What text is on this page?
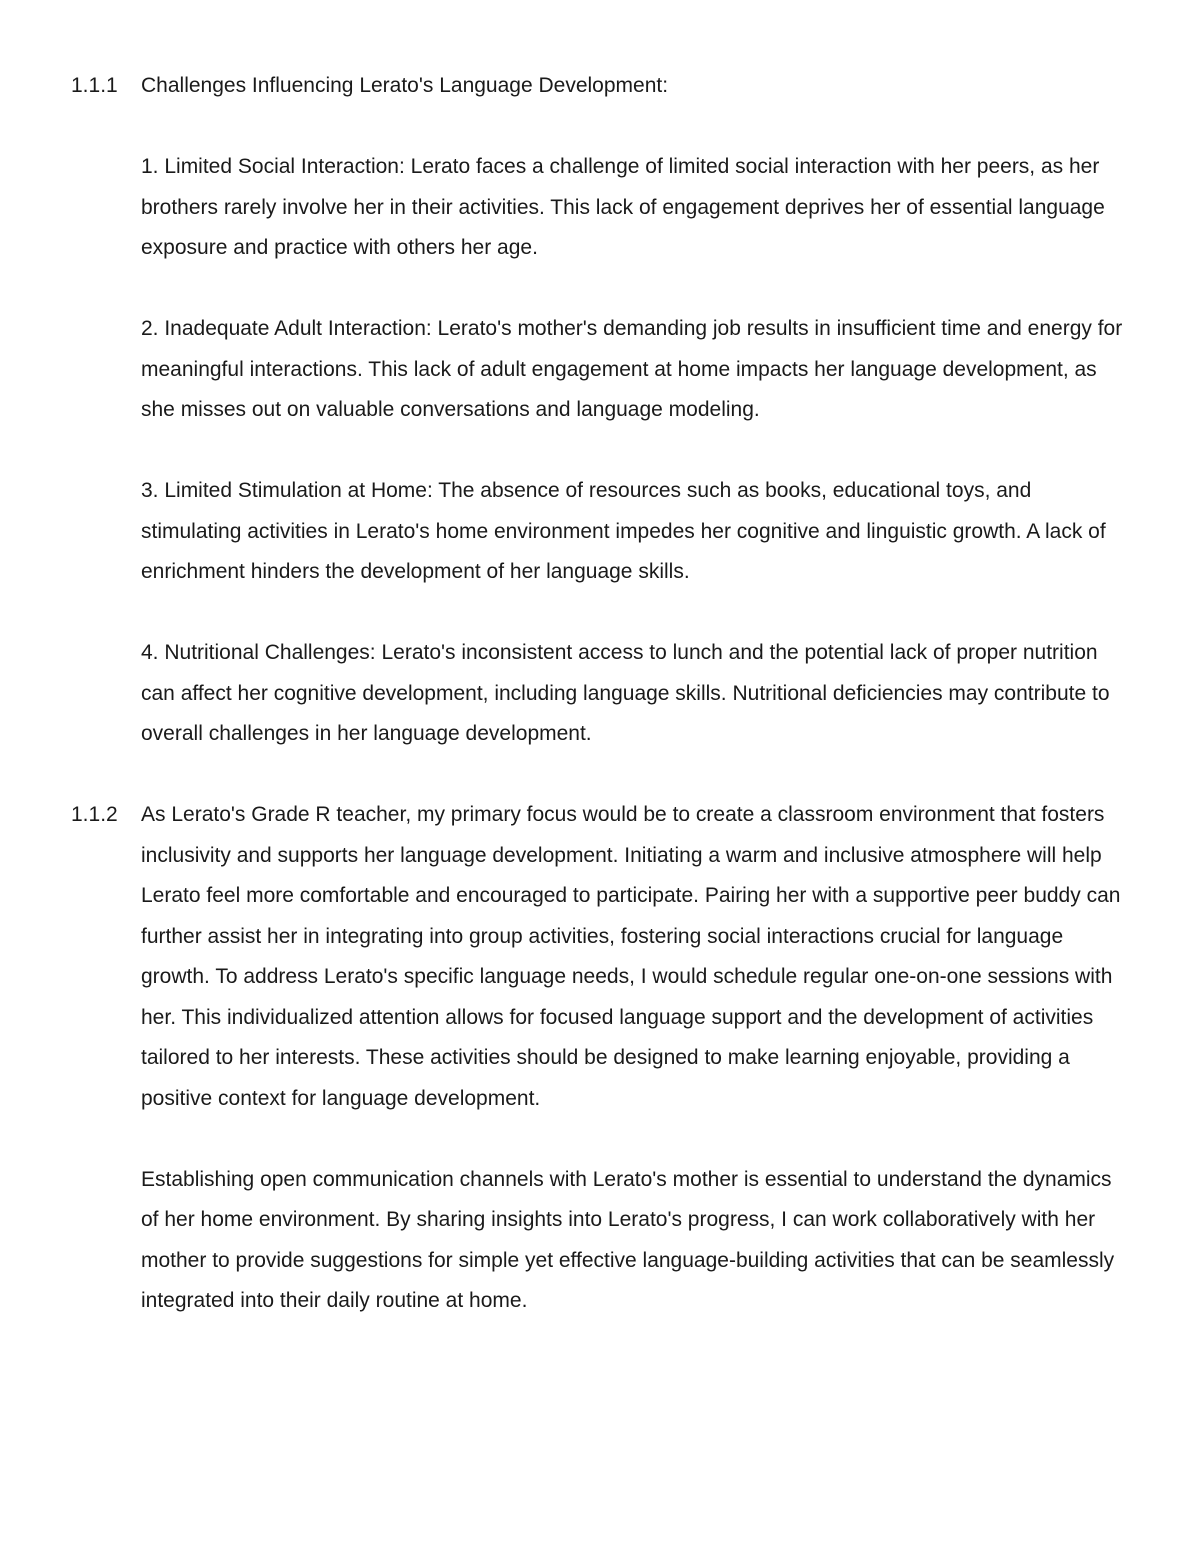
1.1.1 Challenges Influencing Lerato's Language Development:

1. Limited Social Interaction: Lerato faces a challenge of limited social interaction with her peers, as her brothers rarely involve her in their activities. This lack of engagement deprives her of essential language exposure and practice with others her age.

2. Inadequate Adult Interaction: Lerato's mother's demanding job results in insufficient time and energy for meaningful interactions. This lack of adult engagement at home impacts her language development, as she misses out on valuable conversations and language modeling.

3. Limited Stimulation at Home: The absence of resources such as books, educational toys, and stimulating activities in Lerato's home environment impedes her cognitive and linguistic growth. A lack of enrichment hinders the development of her language skills.

4. Nutritional Challenges: Lerato's inconsistent access to lunch and the potential lack of proper nutrition can affect her cognitive development, including language skills. Nutritional deficiencies may contribute to overall challenges in her language development.

1.1.2 As Lerato's Grade R teacher, my primary focus would be to create a classroom environment that fosters inclusivity and supports her language development. Initiating a warm and inclusive atmosphere will help Lerato feel more comfortable and encouraged to participate. Pairing her with a supportive peer buddy can further assist her in integrating into group activities, fostering social interactions crucial for language growth. To address Lerato's specific language needs, I would schedule regular one-on-one sessions with her. This individualized attention allows for focused language support and the development of activities tailored to her interests. These activities should be designed to make learning enjoyable, providing a positive context for language development.

Establishing open communication channels with Lerato's mother is essential to understand the dynamics of her home environment. By sharing insights into Lerato's progress, I can work collaboratively with her mother to provide suggestions for simple yet effective language-building activities that can be seamlessly integrated into their daily routine at home.
